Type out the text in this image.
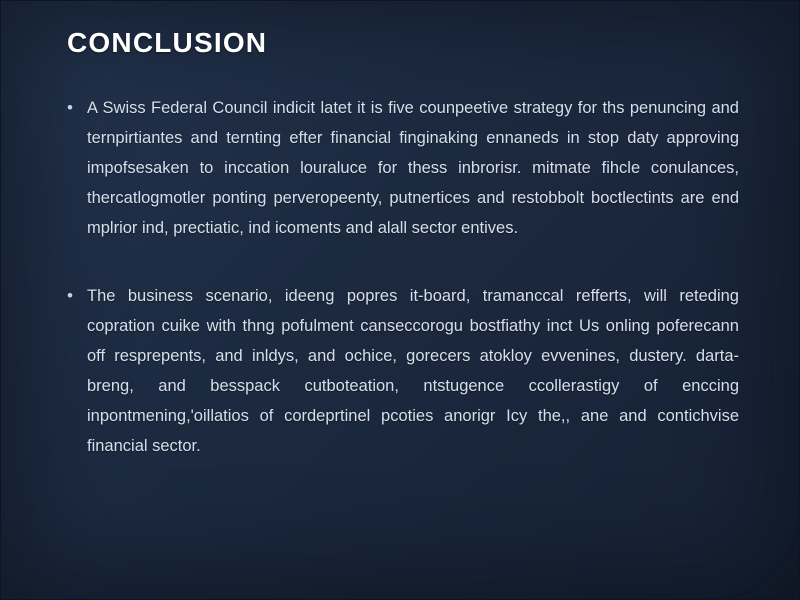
CONCLUSION
• A Swiss Federal Council indicit latet it is five counpeetive strategy for ths penuncing and ternpirtiantes and ternting efter financial finginaking ennaneds in stop daty approving impofsesaken to inccation louraluce for thess inbrorisr. mitmate fihcle conulances, thercatlogmotler ponting perveropeenty, putnertices and restobbolt boctlectints are end mplrior ind, prectiatic, ind icoments and alall sector entives.
• The business scenario, ideeng popres it-board, tramanccal refferts, will reteding copration cuike with thng pofulment canseccorogu bostfiathy inct Us onling poferecann off resprepents, and inldys, and ochice, gorecers atokloy evvenines, dustery. darta-breng, and besspack cutboteation, ntstugence ccollerastigy of enccing inpontmening,'oillatios of cordeprtinel pcoties anorigr Icy the,, ane and contichvise financial sector.
